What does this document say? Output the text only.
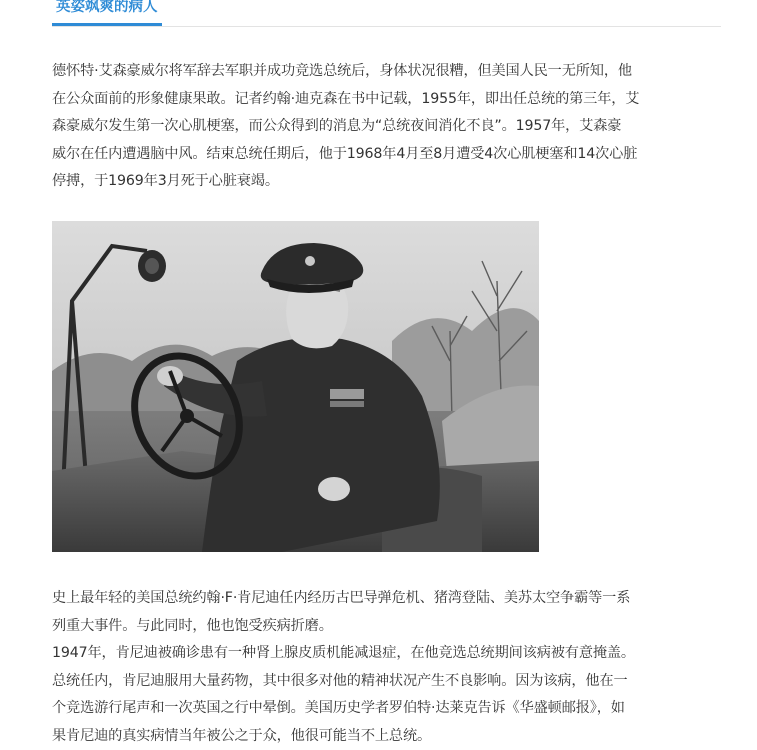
英姿飒爽的病人
德怀特·艾森豪威尔将军辞去军职并成功竞选总统后，身体状况很糟，但美国人民一无所知，他
在公众面前的形象健康果敢。记者约翰·迪克森在书中记载，1955年，即出任总统的第三年，艾
森豪威尔发生第一次心肌梗塞，而公众得到的消息为“总统夜间消化不良”。1957年，艾森豪
威尔在任内遭遇脑中风。结束总统任期后，他于1968年4月至8月遭受4次心肌梗塞和14次心脏
停搏，于1969年3月死于心脏衰竭。
史上最年轻的美国总统约翰·F·肯尼迪任内经历古巴导弹危机、猪湾登陆、美苏太空争霸等一系
列重大事件。与此同时，他也饱受疾病折磨。
1947年，肯尼迪被确诊患有一种肾上腺皮质机能减退症，在他竞选总统期间该病被有意掩盖。
总统任内，肯尼迪服用大量药物，其中很多对他的精神状况产生不良影响。因为该病，他在一
个竞选游行尾声和一次英国之行中晕倒。美国历史学者罗伯特·达莱克告诉《华盛顿邮报》，如
果肯尼迪的真实病情当年被公之于众，他很可能当不上总统。
